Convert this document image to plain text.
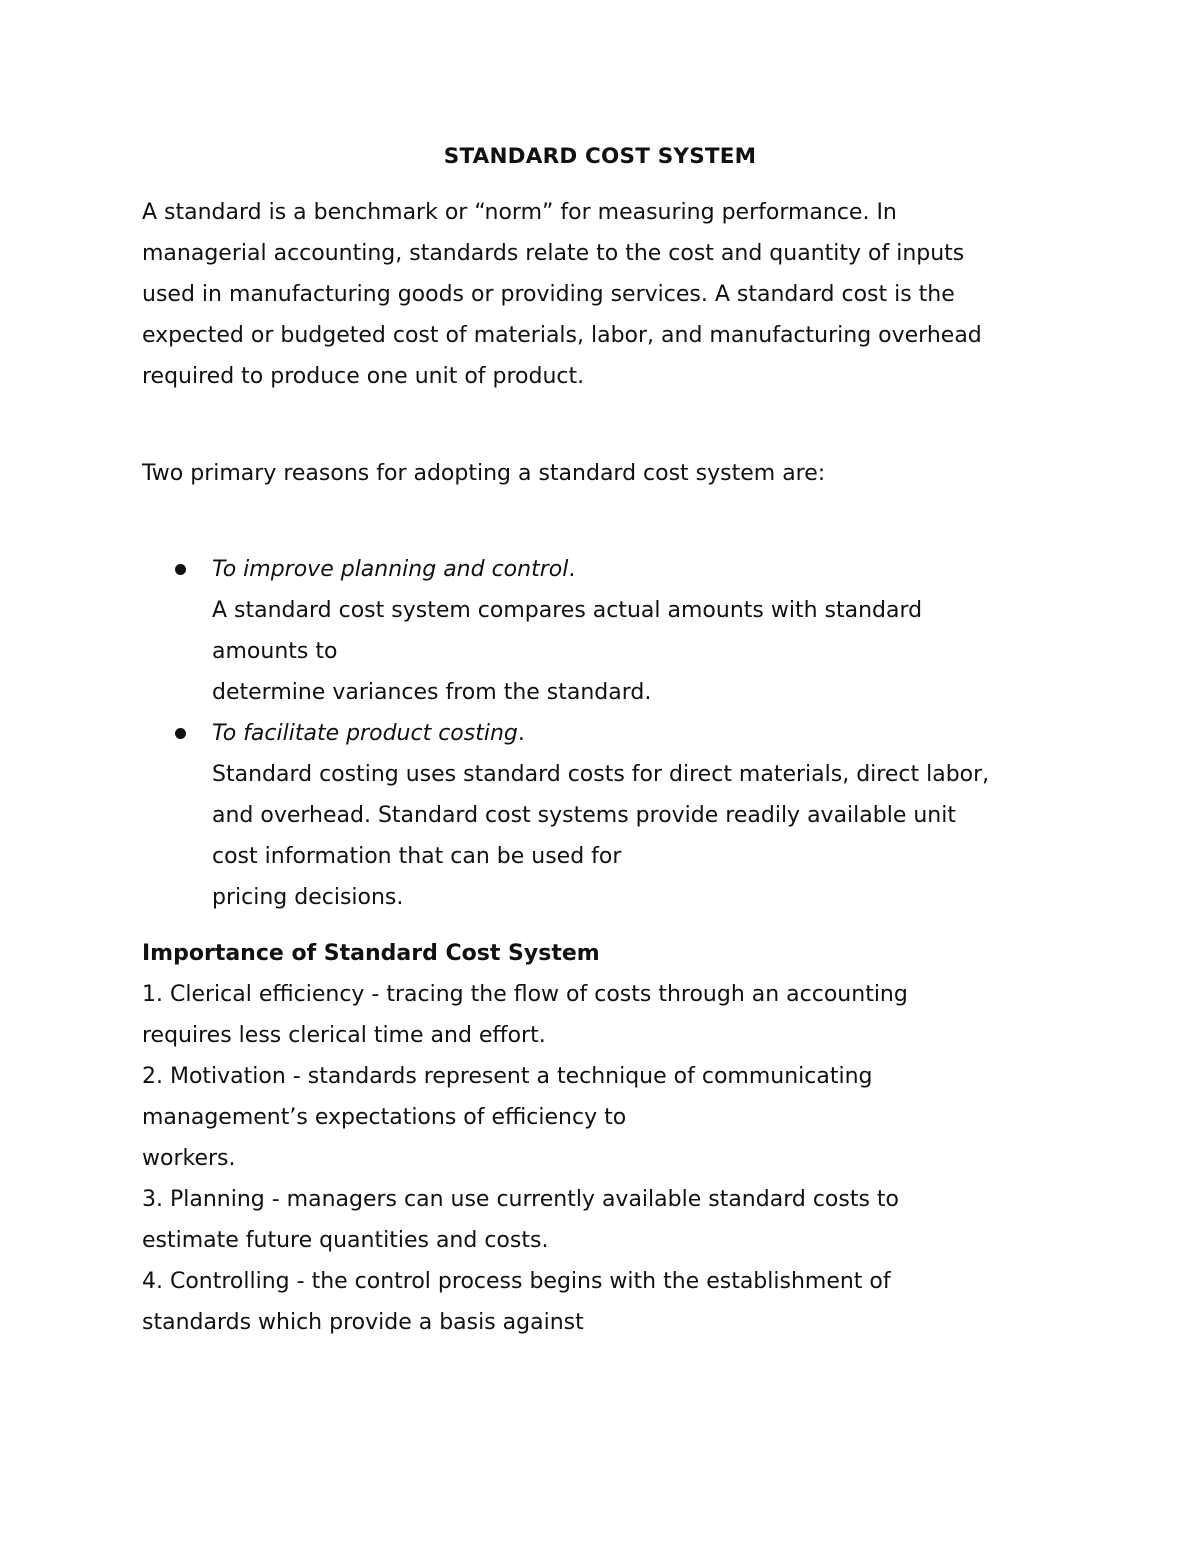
STANDARD COST SYSTEM
A standard is a benchmark or “norm” for measuring performance. In
managerial accounting, standards relate to the cost and quantity of inputs
used in manufacturing goods or providing services. A standard cost is the
expected or budgeted cost of materials, labor, and manufacturing overhead
required to produce one unit of product.
Two primary reasons for adopting a standard cost system are:
To improve planning and control.
A standard cost system compares actual amounts with standard
amounts to
determine variances from the standard.
To facilitate product costing.
Standard costing uses standard costs for direct materials, direct labor,
and overhead. Standard cost systems provide readily available unit
cost information that can be used for
pricing decisions.
Importance of Standard Cost System
1. Clerical efficiency - tracing the flow of costs through an accounting
requires less clerical time and effort.
2. Motivation - standards represent a technique of communicating
management’s expectations of efficiency to
workers.
3. Planning - managers can use currently available standard costs to
estimate future quantities and costs.
4. Controlling - the control process begins with the establishment of
standards which provide a basis against
